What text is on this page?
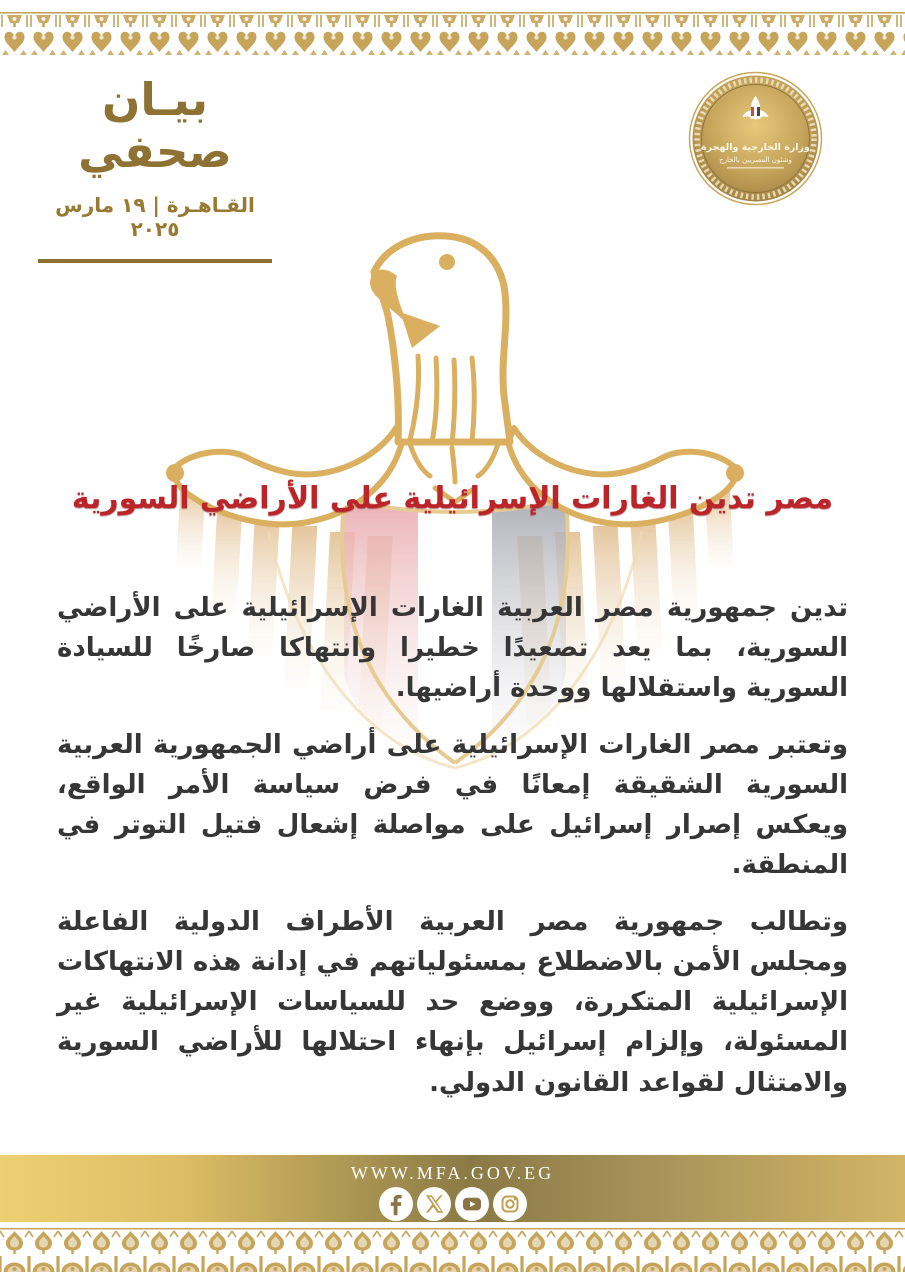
بيـان صحفي
القـاهـرة | ١٩ مارس ٢٠٢٥
وزارة الخارجية والهجرة
وشئون المصريين بالخارج
مصر تدين الغارات الإسرائيلية على الأراضي السورية

تدين جمهورية مصر العربية الغارات الإسرائيلية على الأراضي السورية، بما يعد تصعيدًا خطيرا وانتهاكا صارخًا للسيادة السورية واستقلالها ووحدة أراضيها.

وتعتبر مصر الغارات الإسرائيلية على أراضي الجمهورية العربية السورية الشقيقة إمعانًا في فرض سياسة الأمر الواقع، ويعكس إصرار إسرائيل على مواصلة إشعال فتيل التوتر في المنطقة.

وتطالب جمهورية مصر العربية الأطراف الدولية الفاعلة ومجلس الأمن بالاضطلاع بمسئولياتهم في إدانة هذه الانتهاكات الإسرائيلية المتكررة، ووضع حد للسياسات الإسرائيلية غير المسئولة، وإلزام إسرائيل بإنهاء احتلالها للأراضي السورية والامتثال لقواعد القانون الدولي.

WWW.MFA.GOV.EG
